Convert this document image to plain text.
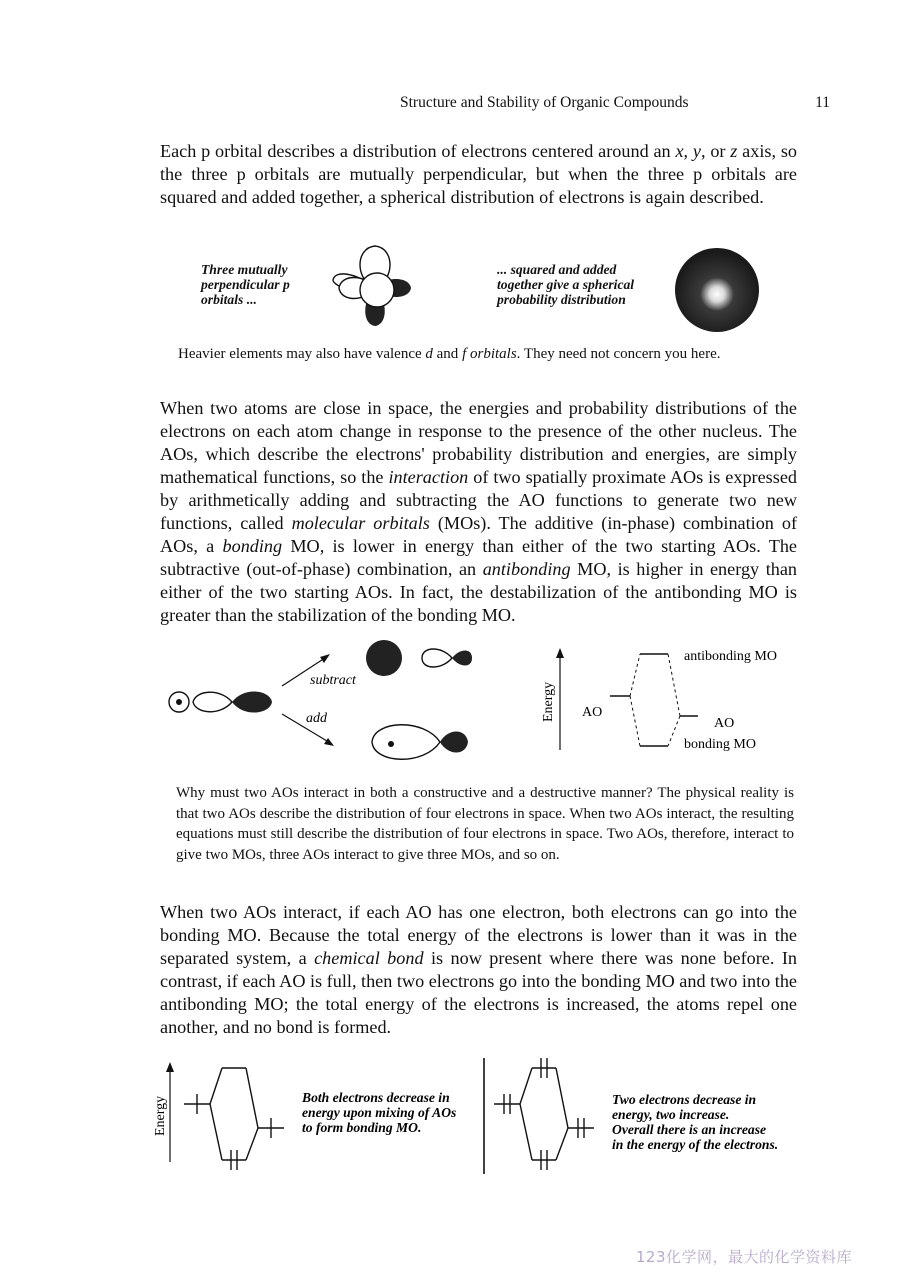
Structure and Stability of Organic Compounds	11

Each p orbital describes a distribution of electrons centered around an x, y, or z axis, so the three p orbitals are mutually perpendicular, but when the three p orbitals are squared and added together, a spherical distribution of electrons is again described.

Three mutually
perpendicular p
orbitals ...
... squared and added
together give a spherical
probability distribution

Heavier elements may also have valence d and f orbitals. They need not concern you here.

When two atoms are close in space, the energies and probability distributions of the electrons on each atom change in response to the presence of the other nucleus. The AOs, which describe the electrons' probability distribution and energies, are simply mathematical functions, so the interaction of two spatially proximate AOs is expressed by arithmetically adding and subtracting the AO functions to generate two new functions, called molecular orbitals (MOs). The additive (in-phase) combination of AOs, a bonding MO, is lower in energy than either of the two starting AOs. The subtractive (out-of-phase) combination, an antibonding MO, is higher in energy than either of the two starting AOs. In fact, the destabilization of the antibonding MO is greater than the stabilization of the bonding MO.

subtract
add	Energy AO
AO
antibonding MO
bonding MO

Why must two AOs interact in both a constructive and a destructive manner? The physical reality is that two AOs describe the distribution of four electrons in space. When two AOs interact, the resulting equations must still describe the distribution of four electrons in space. Two AOs, therefore, interact to give two MOs, three AOs interact to give three MOs, and so on.

When two AOs interact, if each AO has one electron, both electrons can go into the bonding MO. Because the total energy of the electrons is lower than it was in the separated system, a chemical bond is now present where there was none before. In contrast, if each AO is full, then two electrons go into the bonding MO and two into the antibonding MO; the total energy of the electrons is increased, the atoms repel one another, and no bond is formed.

Energy	Both electrons decrease in
energy upon mixing of AOs
to form bonding MO.
Two electrons decrease in
energy, two increase.
Overall there is an increase
in the energy of the electrons.
123化学网，最大的化学资料库
